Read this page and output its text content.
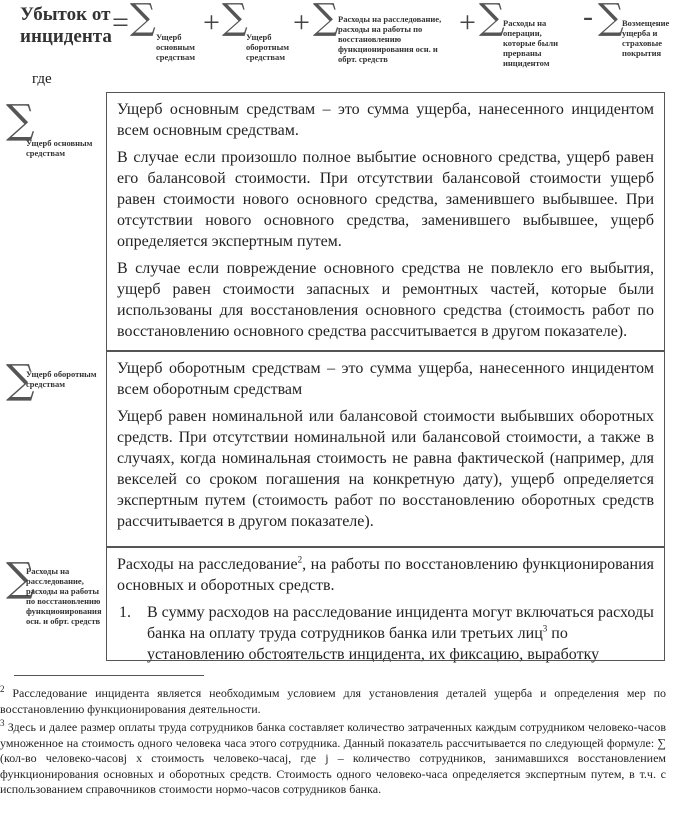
Убыток от
инцидента = ∑ Ущерб основным средствам
+ ∑
Ущерб оборотным средствам
+ ∑ Расходы на расследование, расходы на работы по восстановлению функционирования осн. и обрт. средств
+ ∑
Расходы на операции, которые были прерваны инцидентом
- ∑
Возмещение ущерба и страховые покрытия
где
∑
Ущерб основным средствам

Ущерб основным средствам – это сумма ущерба, нанесенного инцидентом всем основным средствам.

В случае если произошло полное выбытие основного средства, ущерб равен его балансовой стоимости. При отсутствии балансовой стоимости ущерб равен стоимости нового основного средства, заменившего выбывшее. При отсутствии нового основного средства, заменившего выбывшее, ущерб определяется экспертным путем.

В случае если повреждение основного средства не повлекло его выбытия, ущерб равен стоимости запасных и ремонтных частей, которые были использованы для восстановления основного средства (стоимость работ по восстановлению основного средства рассчитывается в другом показателе).

∑
Ущерб оборотным средствам

Ущерб оборотным средствам – это сумма ущерба, нанесенного инцидентом всем оборотным средствам

Ущерб равен номинальной или балансовой стоимости выбывших оборотных средств. При отсутствии номинальной или балансовой стоимости, а также в случаях, когда номинальная стоимость не равна фактической (например, для векселей со сроком погашения на конкретную дату), ущерб определяется экспертным путем (стоимость работ по восстановлению оборотных средств рассчитывается в другом показателе).

∑
Расходы на расследование, расходы на работы по восстановлению функционирования осн. и обрт. средств

Расходы на расследование$^2$, на работы по восстановлению функционирования основных и оборотных средств.

1. В сумму расходов на расследование инцидента могут включаться расходы банка на оплату труда сотрудников банка или третьих лиц$^3$ по установлению обстоятельств инцидента, их фиксацию, выработку
$^2$ Расследование инцидента является необходимым условием для установления деталей ущерба и определения мер по восстановлению функционирования деятельности.
$^3$ Здесь и далее размер оплаты труда сотрудников банка составляет количество затраченных каждым сотрудником человеко-часов умноженное на стоимость одного человека часа этого сотрудника. Данный показатель рассчитывается по следующей формуле: ∑ (кол-во человеко-часовj х стоимость человеко-часаj, где j – количество сотрудников, занимавшихся восстановлением функционирования основных и оборотных средств. Стоимость одного человеко-часа определяется экспертным путем, в т.ч. с использованием справочников стоимости нормо-часов сотрудников банка.
